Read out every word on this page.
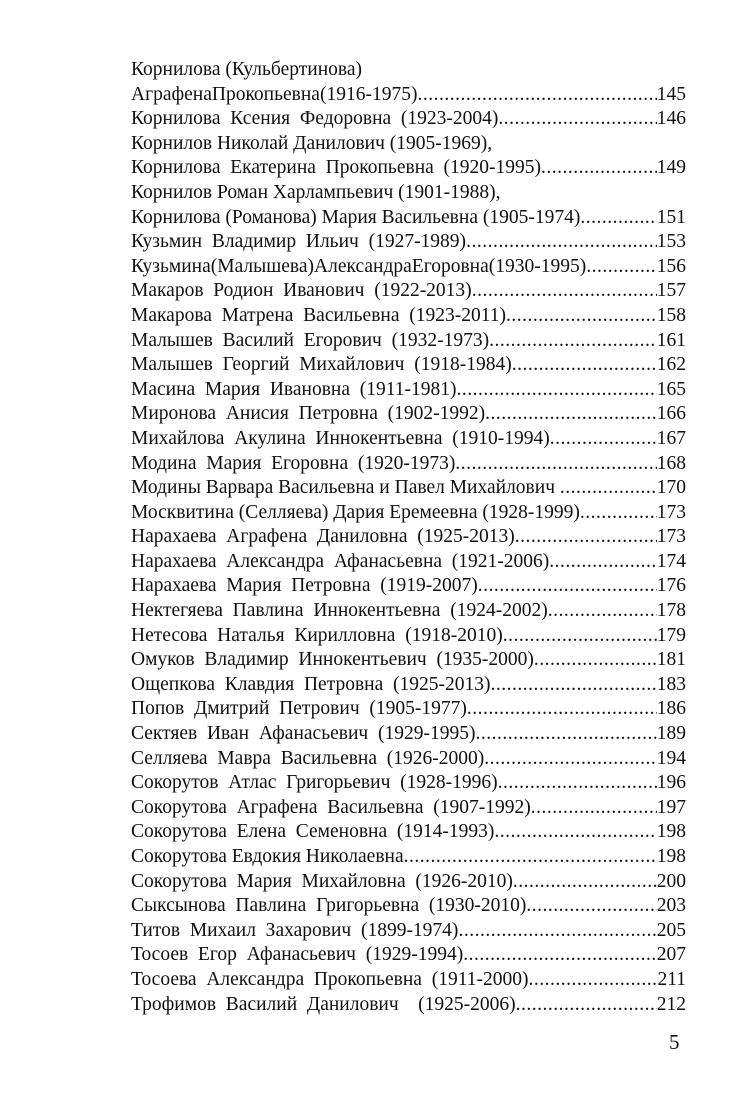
Корнилова (Кульбертинова)
АграфенаПрокопьевна(1916-1975) .....	145
Корнилова  Ксения  Федоровна  (1923-2004) .....	146
Корнилов Николай Данилович (1905-1969),
Корнилова  Екатерина  Прокопьевна  (1920-1995) .....	149
Корнилов Роман Харлампьевич (1901-1988),
Корнилова (Романова) Мария Васильевна (1905-1974) .....	151
Кузьмин  Владимир  Ильич  (1927-1989) .....	153
Кузьмина(Малышева)АлександраЕгоровна(1930-1995) .....	156
Макаров  Родион  Иванович  (1922-2013) .....	157
Макарова  Матрена  Васильевна  (1923-2011) .....	158
Малышев  Василий  Егорович  (1932-1973) .....	161
Малышев  Георгий  Михайлович  (1918-1984) .....	162
Масина  Мария  Ивановна  (1911-1981) .....	165
Миронова  Анисия  Петровна  (1902-1992) .....	166
Михайлова  Акулина  Иннокентьевна  (1910-1994) .....	167
Модина  Мария  Егоровна  (1920-1973) .....	168
Модины Варвара Васильевна и Павел Михайлович .....	170
Москвитина (Селляева) Дария Еремеевна (1928-1999) .....	173
Нарахаева  Аграфена  Даниловна  (1925-2013) .....	173
Нарахаева  Александра  Афанасьевна  (1921-2006) .....	174
Нарахаева  Мария  Петровна  (1919-2007) .....	176
Нектегяева  Павлина  Иннокентьевна  (1924-2002) .....	178
Нетесова  Наталья  Кирилловна  (1918-2010) .....	179
Омуков  Владимир  Иннокентьевич  (1935-2000) .....	181
Ощепкова  Клавдия  Петровна  (1925-2013) .....	183
Попов  Дмитрий  Петрович  (1905-1977) .....	186
Сектяев  Иван  Афанасьевич  (1929-1995) .....	189
Селляева  Мавра  Васильевна  (1926-2000) .....	194
Сокорутов  Атлас  Григорьевич  (1928-1996) .....	196
Сокорутова  Аграфена  Васильевна  (1907-1992) .....	197
Сокорутова  Елена  Семеновна  (1914-1993) .....	198
Сокорутова Евдокия Николаевна .....	198
Сокорутова  Мария  Михайловна  (1926-2010) .....	200
Сыксынова  Павлина  Григорьевна  (1930-2010) .....	203
Титов  Михаил  Захарович  (1899-1974) .....	205
Тосоев  Егор  Афанасьевич  (1929-1994) .....	207
Тосоева  Александра  Прокопьевна  (1911-2000) .....	211
Трофимов  Василий  Данилович    (1925-2006) .....	212
5
